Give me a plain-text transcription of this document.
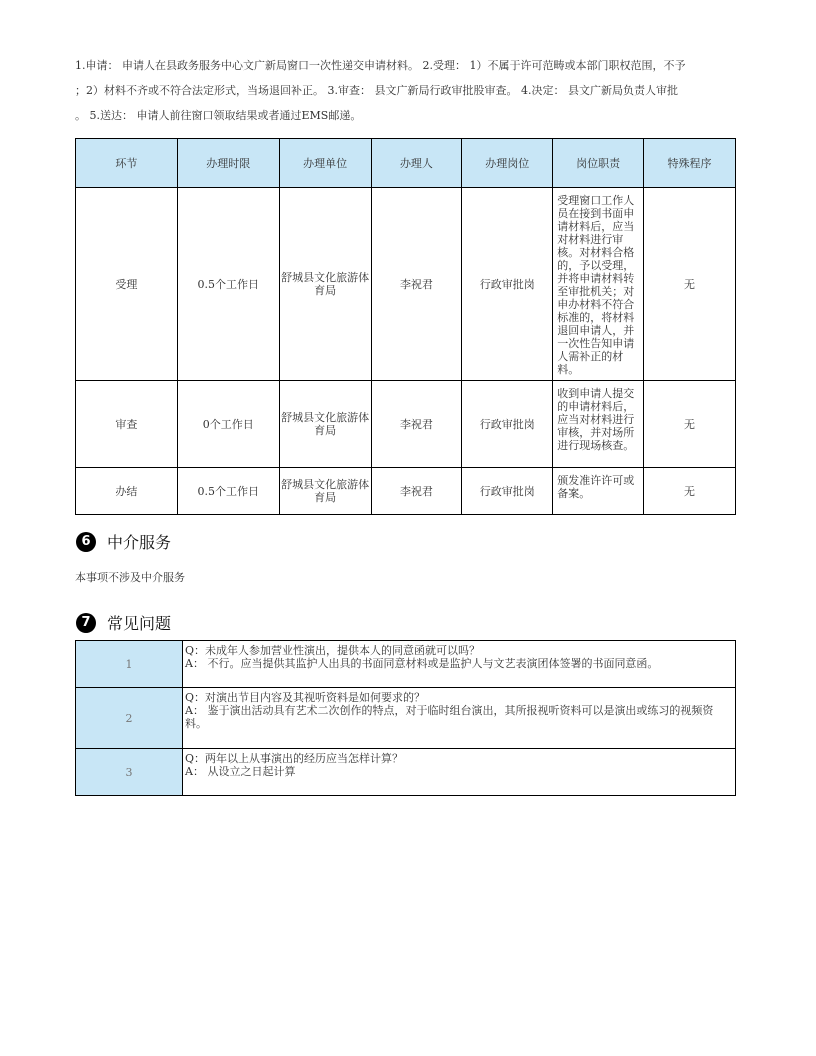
1.申请： 申请人在县政务服务中心文广新局窗口一次性递交申请材料。 2.受理： 1）不属于许可范畴或本部门职权范围，不予
；2）材料不齐或不符合法定形式，当场退回补正。 3.审查： 县文广新局行政审批股审查。 4.决定： 县文广新局负责人审批
。 5.送达： 申请人前往窗口领取结果或者通过EMS邮递。
环节	办理时限	办理单位	办理人	办理岗位	岗位职责	特殊程序
受理	0.5个工作日	舒城县文化旅游体育局	李祝君	行政审批岗	受理窗口工作人员在接到书面申请材料后，应当对材料进行审核。对材料合格的，予以受理，并将申请材料转至审批机关；对申办材料不符合标准的，将材料退回申请人，并一次性告知申请人需补正的材料。	无
审查	0个工作日	舒城县文化旅游体育局	李祝君	行政审批岗	收到申请人提交的申请材料后，应当对材料进行审核，并对场所进行现场核查。	无
办结	0.5个工作日	舒城县文化旅游体育局	李祝君	行政审批岗	颁发准许许可或备案。	无
6	中介服务
本事项不涉及中介服务
7	常见问题
1	Q：未成年人参加营业性演出，提供本人的同意函就可以吗？
A： 不行。应当提供其监护人出具的书面同意材料或是监护人与文艺表演团体签署的书面同意函。

2	Q：对演出节目内容及其视听资料是如何要求的？
A： 鉴于演出活动具有艺术二次创作的特点，对于临时组台演出，其所报视听资料可以是演出或练习的视频资料。

3	Q：两年以上从事演出的经历应当怎样计算？
A： 从设立之日起计算
